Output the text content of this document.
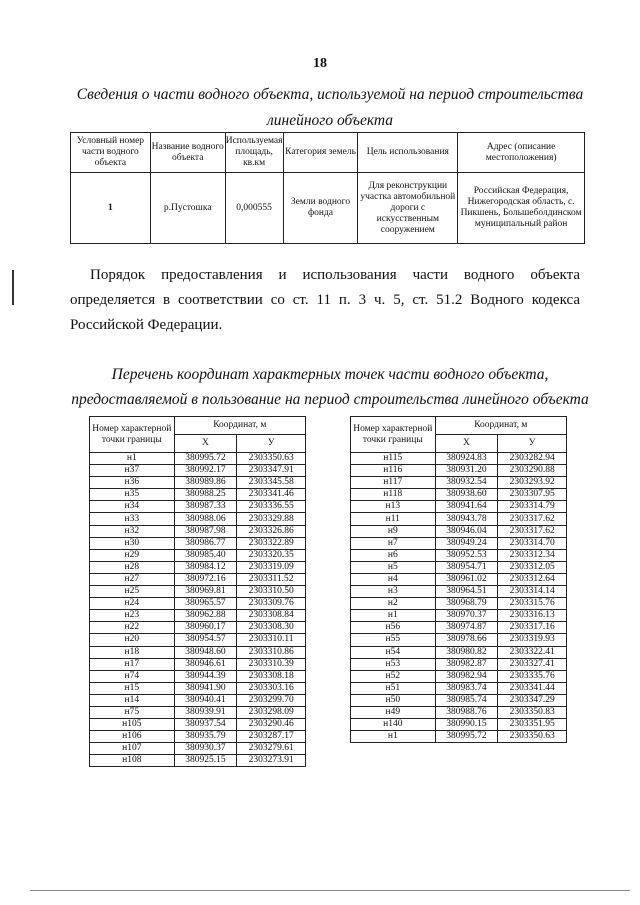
18
Сведения о части водного объекта, используемой на период строительства
линейного объекта
Условный номер части водного объекта	Название водного объекта	Используемая площадь, кв.км	Категория земель	Цель использования	Адрес (описание местоположения)
1	р.Пустошка	0,000555	Земли водного фонда	Для реконструкции участка автомобильной дороги с искусственным сооружением	Российская Федерация, Нижегородская область, с. Пикшень, Большеболдинском муниципальный район
Порядок предоставления и использования части водного объекта
определяется в соответствии со ст. 11 п. 3 ч. 5, ст. 51.2 Водного кодекса
Российской Федерации.
Перечень координат характерных точек части водного объекта,
предоставляемой в пользование на период строительства линейного объекта
Номер характерной точки границы	Координат, м	
	X	У
н1	380995.72	2303350.63
н37	380992.17	2303347.91
н36	380989.86	2303345.58
н35	380988.25	2303341.46
н34	380987.33	2303336.55
н33	380988.06	2303329.88
н32	380987.98	2303326.86
н30	380986.77	2303322.89
н29	380985.40	2303320.35
н28	380984.12	2303319.09
н27	380972.16	2303311.52
н25	380969.81	2303310.50
н24	380965.57	2303309.76
н23	380962.88	2303308.84
н22	380960.17	2303308.30
н20	380954.57	2303310.11
н18	380948.60	2303310.86
н17	380946.61	2303310.39
н74	380944.39	2303308.18
н15	380941.90	2303303.16
н14	380940.41	2303299.70
н75	380939.91	2303298.09
н105	380937.54	2303290.46
н106	380935.79	2303287.17
н107	380930.37	2303279.61
н108	380925.15	2303273.91
Номер характерной точки границы	Координат, м	
	X	У
н115	380924.83	2303282.94
н116	380931.20	2303290.88
н117	380932.54	2303293.92
н118	380938.60	2303307.95
н13	380941.64	2303314.79
н11	380943.78	2303317.62
н9	380946.04	2303317.62
н7	380949.24	2303314.70
н6	380952.53	2303312.34
н5	380954.71	2303312.05
н4	380961.02	2303312.64
н3	380964.51	2303314.14
н2	380968.79	2303315.76
н1	380970.37	2303316.13
н56	380974.87	2303317.16
н55	380978.66	2303319.93
н54	380980.82	2303322.41
н53	380982.87	2303327.41
н52	380982.94	2303335.76
н51	380983.74	2303341.44
н50	380985.74	2303347.29
н49	380988.76	2303350.83
н140	380990.15	2303351.95
н1	380995.72	2303350.63
